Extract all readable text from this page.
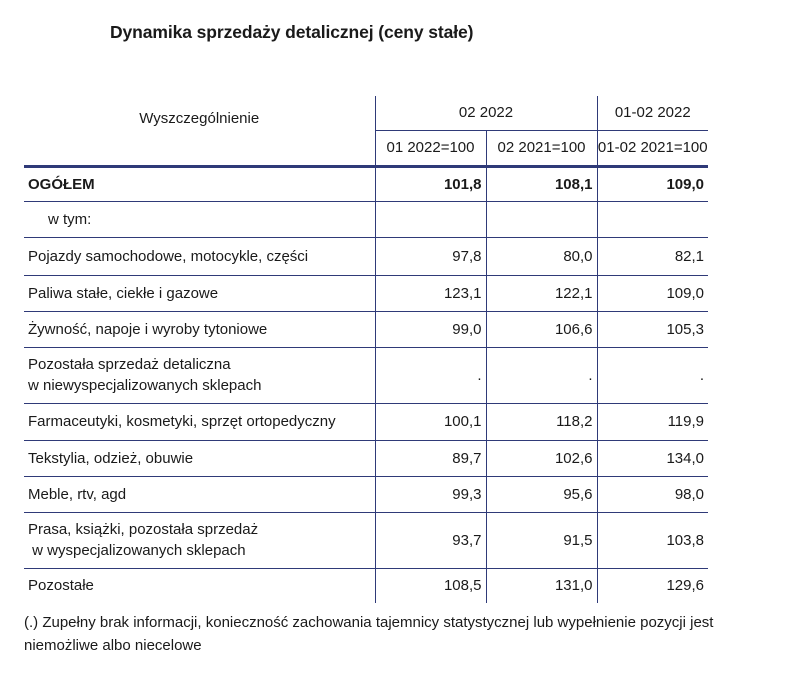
Dynamika sprzedaży detalicznej (ceny stałe)
Wyszczególnienie	02 2022		01-02 2022
	01 2022=100	02 2021=100	01-02 2021=100
OGÓŁEM	101,8	108,1	109,0
w tym:			
Pojazdy samochodowe, motocykle, części	97,8	80,0	82,1
Paliwa stałe, ciekłe i gazowe	123,1	122,1	109,0
Żywność, napoje i wyroby tytoniowe	99,0	106,6	105,3

Pozostała sprzedaż detaliczna
w niewyspecjalizowanych sklepach	.	.	.
Farmaceutyki, kosmetyki, sprzęt ortopedyczny	100,1	118,2	119,9
Tekstylia, odzież, obuwie	89,7	102,6	134,0
Meble, rtv, agd	99,3	95,6	98,0

Prasa, książki, pozostała sprzedaż
w wyspecjalizowanych sklepach	93,7	91,5	103,8
Pozostałe	108,5	131,0	129,6
(.) Zupełny brak informacji, konieczność zachowania tajemnicy statystycznej lub wypełnienie pozycji jest niemożliwe albo niecelowe
